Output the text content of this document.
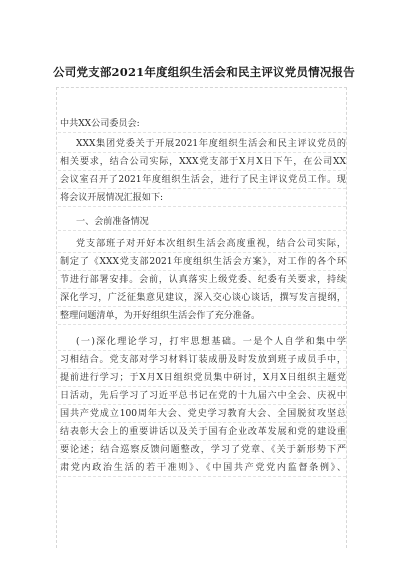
公司党支部2021年度组织生活会和民主评议党员情况报告
中共XX公司委员会:
XXX集团党委关于开展2021年度组织生活会和民主评议党员的
相关要求，结合公司实际，XXX党支部于X月X日下午，在公司XX
会议室召开了2021年度组织生活会，进行了民主评议党员工作。现
将会议开展情况汇报如下:
一、会前准备情况
党支部班子对开好本次组织生活会高度重视，结合公司实际，
制定了《XXX党支部2021年度组织生活会方案》，对工作的各个环
节进行部署安排。会前，认真落实上级党委、纪委有关要求，持续
深化学习，广泛征集意见建议，深入交心谈心谈话，撰写发言提纲，
整理问题清单，为开好组织生活会作了充分准备。
(一)深化理论学习，打牢思想基础。一是个人自学和集中学
习相结合。党支部对学习材料订装成册及时发放到班子成员手中，
提前进行学习；于X月X日组织党员集中研讨，X月X日组织主题党
日活动，先后学习了习近平总书记在党的十九届六中全会、庆祝中
国共产党成立100周年大会、党史学习教育大会、全国脱贫攻坚总
结表彰大会上的重要讲话以及关于国有企业改革发展和党的建设重
要论述；结合巡察反馈问题整改，学习了党章、《关于新形势下严
肃党内政治生活的若干准则》、《中国共产党党内监督条例》、
